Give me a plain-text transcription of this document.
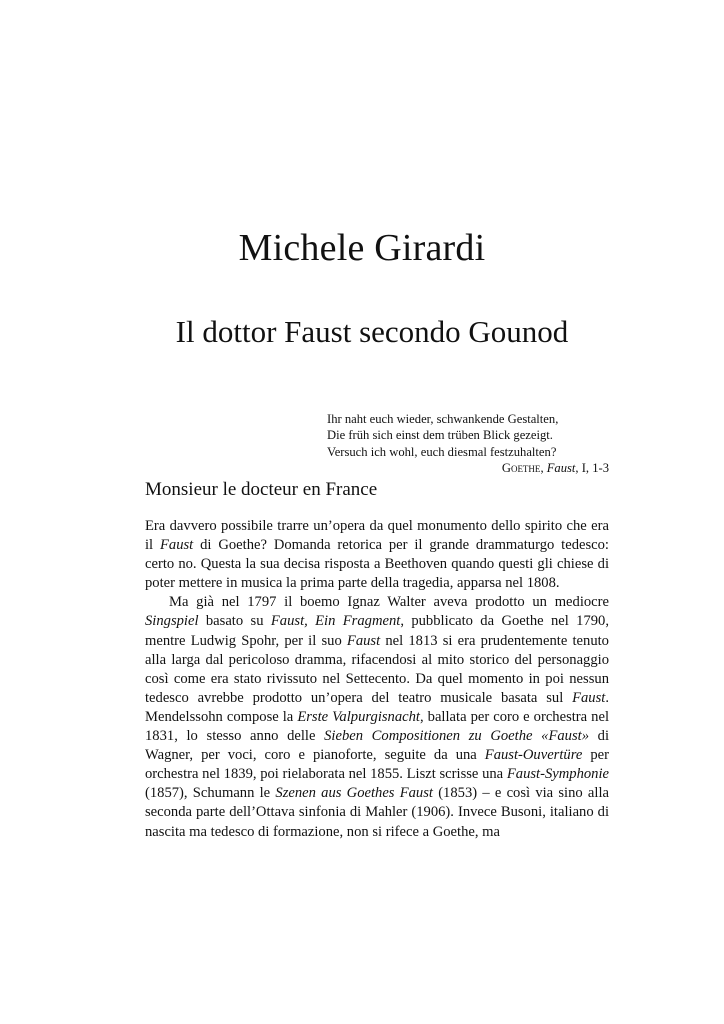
Michele Girardi
Il dottor Faust secondo Gounod
Ihr naht euch wieder, schwankende Gestalten,
Die früh sich einst dem trüben Blick gezeigt.
Versuch ich wohl, euch diesmal festzuhalten?
Goethe, Faust, I, 1-3
Monsieur le docteur en France

Era davvero possibile trarre un’opera da quel monumento dello spirito che era il Faust di Goethe? Domanda retorica per il grande drammaturgo tedesco: certo no. Questa la sua decisa risposta a Beethoven quando questi gli chiese di poter mettere in musica la prima parte della tragedia, apparsa nel 1808.

Ma già nel 1797 il boemo Ignaz Walter aveva prodotto un mediocre Singspiel basato su Faust, Ein Fragment, pubblicato da Goethe nel 1790, mentre Ludwig Spohr, per il suo Faust nel 1813 si era prudentemente tenuto alla larga dal pericoloso dramma, rifacendosi al mito storico del personaggio così come era stato rivissuto nel Settecento. Da quel momento in poi nessun tedesco avrebbe prodotto un’opera del teatro musicale basata sul Faust. Mendelssohn compose la Erste Valpurgisnacht, ballata per coro e orchestra nel 1831, lo stesso anno delle Sieben Compositionen zu Goethe «Faust» di Wagner, per voci, coro e pianoforte, seguite da una Faust-Ouvertüre per orchestra nel 1839, poi rielaborata nel 1855. Liszt scrisse una Faust-Symphonie (1857), Schumann le Szenen aus Goethes Faust (1853) – e così via sino alla seconda parte dell’Ottava sinfonia di Mahler (1906). Invece Busoni, italiano di nascita ma tedesco di formazione, non si rifece a Goethe, ma
